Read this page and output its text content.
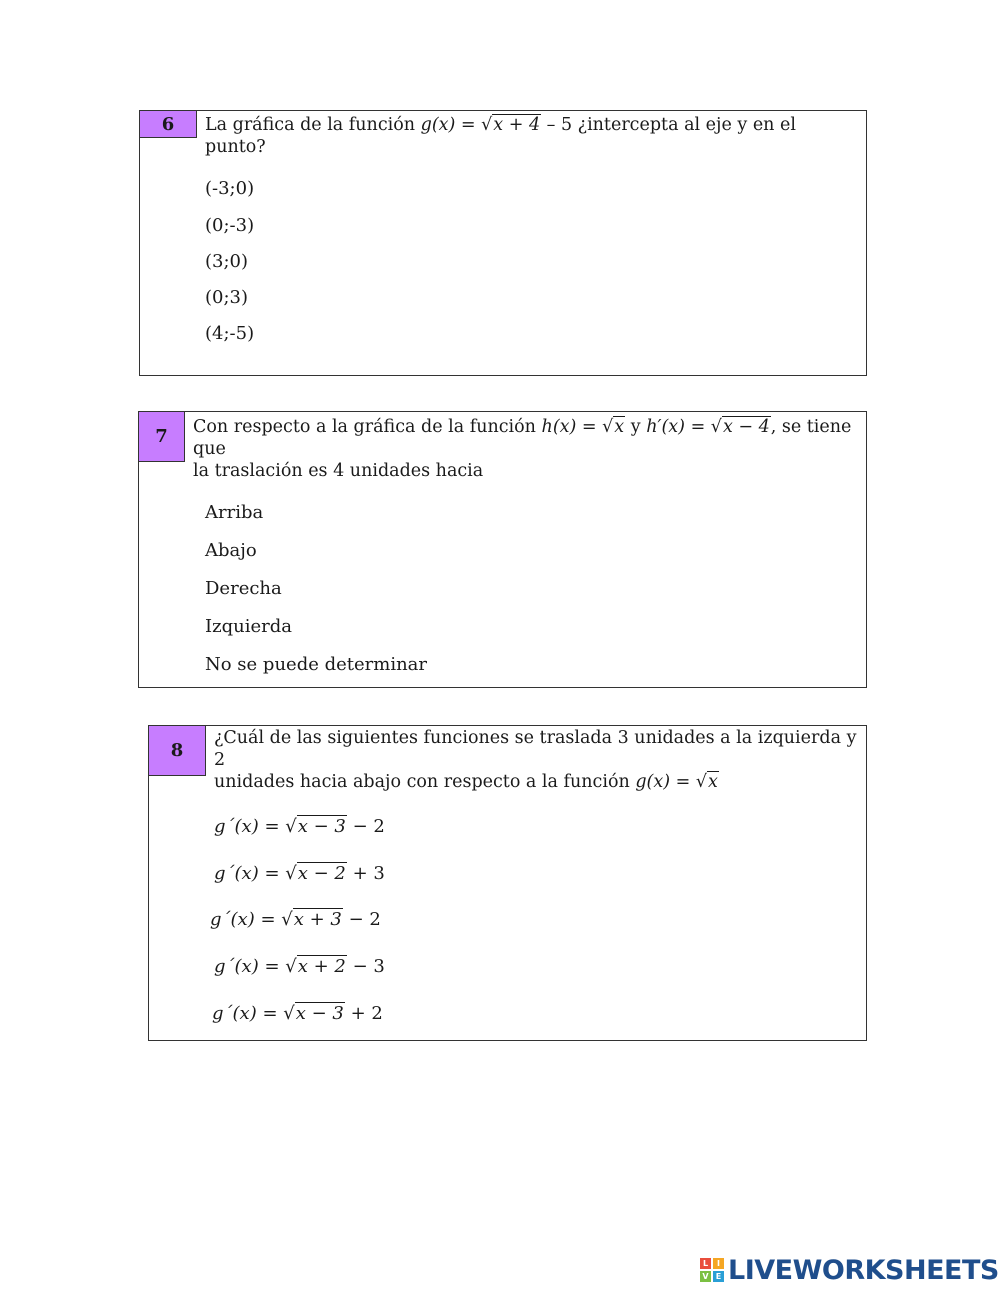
6 La gráfica de la función g(x) = √x + 4 – 5 ¿intercepta al eje y en el punto?
(-3;0)
(0;-3)
(3;0)
(0;3)
(4;-5)
7 Con respecto a la gráfica de la función h(x) = √x y h′(x) = √x − 4, se tiene que
la traslación es 4 unidades hacia
Arriba
Abajo
Derecha
Izquierda
No se puede determinar
8
¿Cuál de las siguientes funciones se traslada 3 unidades a la izquierda y 2
unidades hacia abajo con respecto a la función g(x) = √x
g´(x) = √x − 3 − 2
g´(x) = √x − 2 + 3
g´(x) = √x + 3 − 2
g´(x) = √x + 2 − 3
g´(x) = √x − 3 + 2
L	I
V E LIVEWORKSHEETS
